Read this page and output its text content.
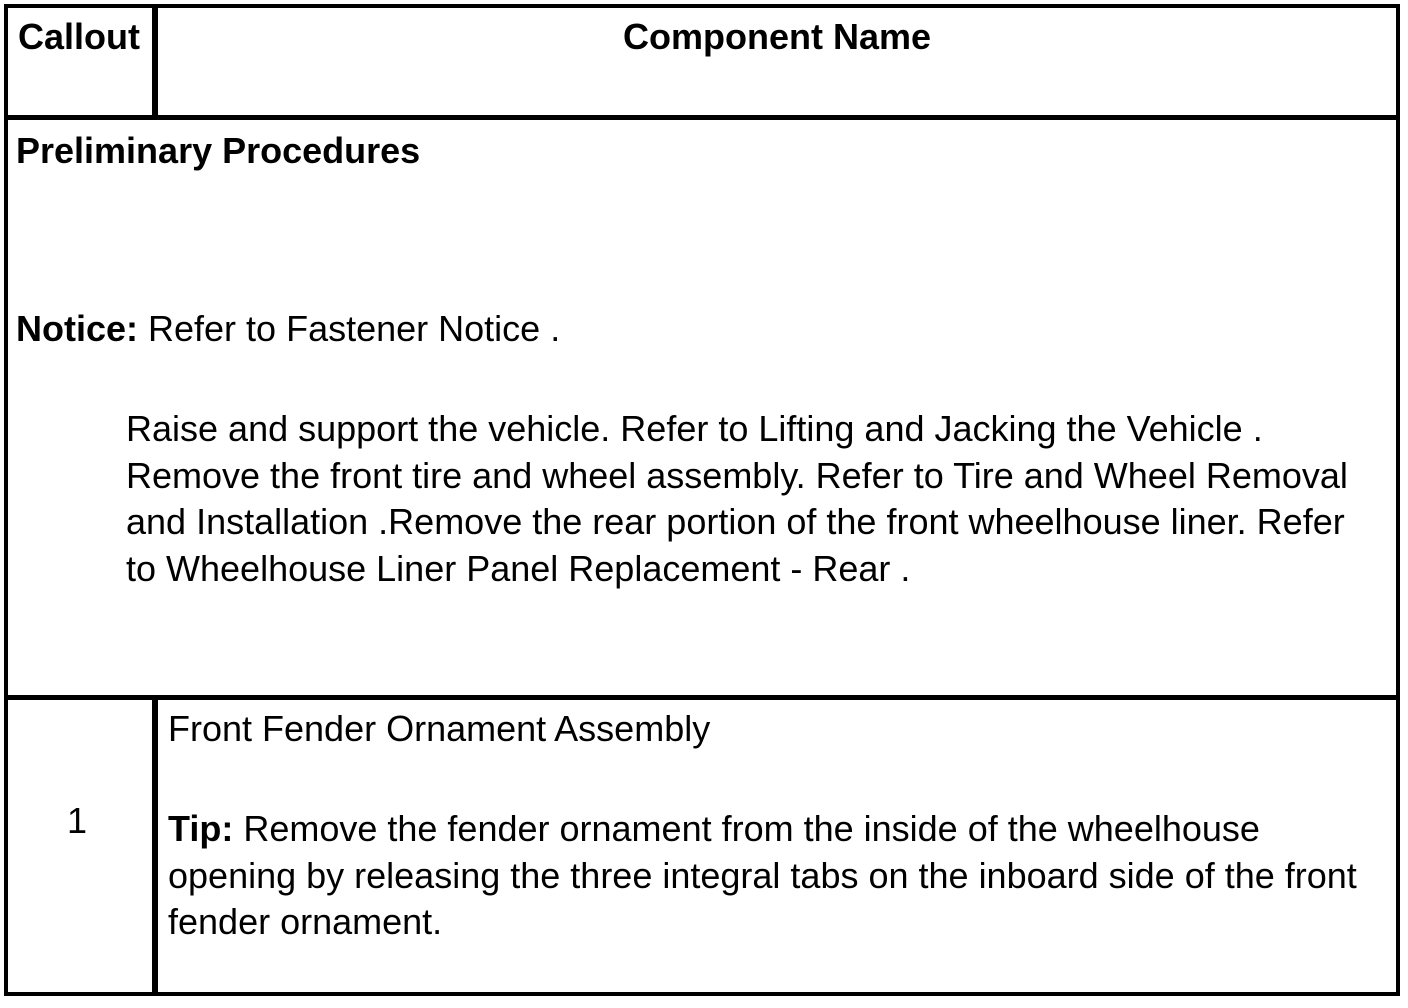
Callout	Component Name
Preliminary Procedures
Notice: Refer to Fastener Notice .
Raise and support the vehicle. Refer to Lifting and Jacking the Vehicle . Remove the front tire and wheel assembly. Refer to Tire and Wheel Removal and Installation .Remove the rear portion of the front wheelhouse liner. Refer to Wheelhouse Liner Panel Replacement - Rear .
1
Front Fender Ornament Assembly
Tip: Remove the fender ornament from the inside of the wheelhouse opening by releasing the three integral tabs on the inboard side of the front fender ornament.
